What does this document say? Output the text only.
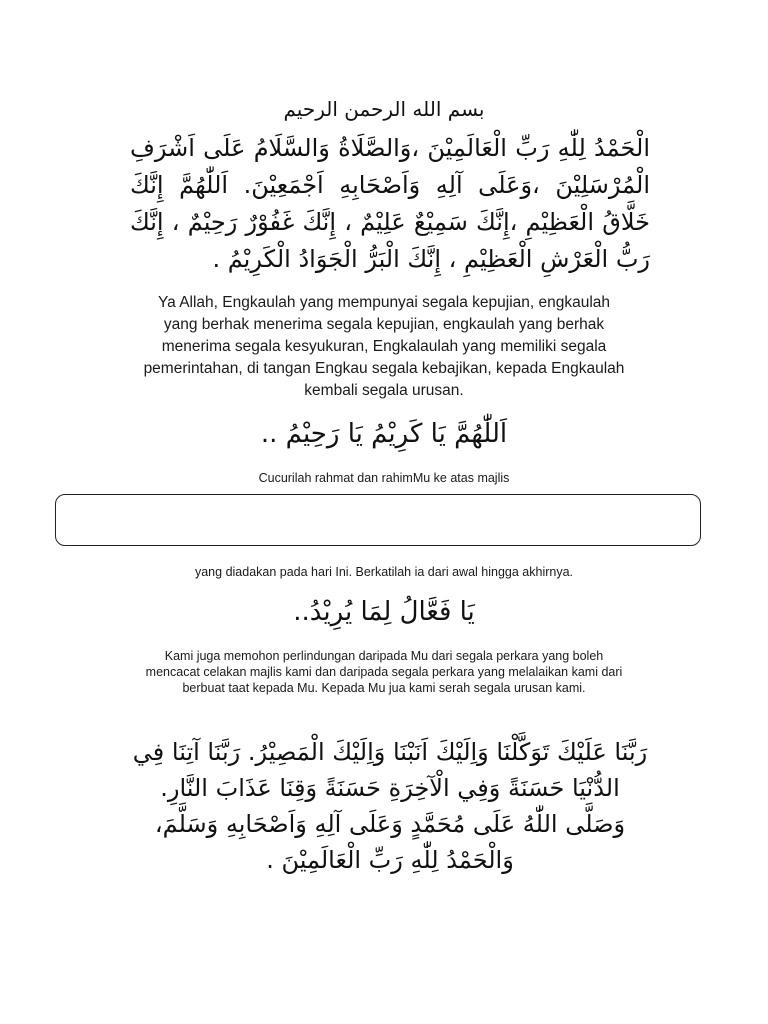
بسم الله الرحمن الرحيم
الْحَمْدُ لِلّٰهِ رَبِّ الْعَالَمِيْنَ ،وَالصَّلَاةُ وَالسَّلَامُ عَلَى اَشْرَفِ الْمُرْسَلِيْنَ ،وَعَلَى آلِهِ وَاَصْحَابِهِ اَجْمَعِيْنَ. اَللّٰهُمَّ إِنَّكَ خَلَّاقُ الْعَظِيْمِ ،إِنَّكَ سَمِيْعٌ عَلِيْمٌ ، إِنَّكَ غَفُوْرٌ رَحِيْمٌ ، إِنَّكَ رَبُّ الْعَرْشِ الْعَظِيْمِ ، إِنَّكَ الْبَرُّ الْجَوَادُ الْكَرِيْمُ .
Ya Allah, Engkaulah yang mempunyai segala kepujian, engkaulah yang berhak menerima segala kepujian, engkaulah yang berhak menerima segala kesyukuran, Engkalaulah yang memiliki segala pemerintahan, di tangan Engkau segala kebajikan, kepada Engkaulah kembali segala urusan.
اَللّٰهُمَّ يَا كَرِيْمُ يَا رَحِيْمُ ..
Cucurilah rahmat dan rahimMu ke atas majlis
yang diadakan pada hari Ini. Berkatilah ia dari awal hingga akhirnya.
يَا فَعَّالُ لِمَا يُرِيْدُ..
Kami juga memohon perlindungan daripada Mu dari segala perkara yang boleh mencacat celakan majlis kami dan daripada segala perkara yang melalaikan kami dari berbuat taat kepada Mu. Kepada Mu jua kami serah segala urusan kami.
رَبَّنَا عَلَيْكَ تَوَكَّلْنَا وَاِلَيْكَ اَنَبْنَا وَاِلَيْكَ الْمَصِيْرُ. رَبَّنَا آتِنَا فِي الدُّنْيَا حَسَنَةً وَفِي الْآخِرَةِ حَسَنَةً وَقِنَا عَذَابَ النَّارِ. وَصَلَّى اللّٰهُ عَلَى مُحَمَّدٍ وَعَلَى آلِهِ وَاَصْحَابِهِ وَسَلَّمَ، وَالْحَمْدُ لِلّٰهِ رَبِّ الْعَالَمِيْنَ .
